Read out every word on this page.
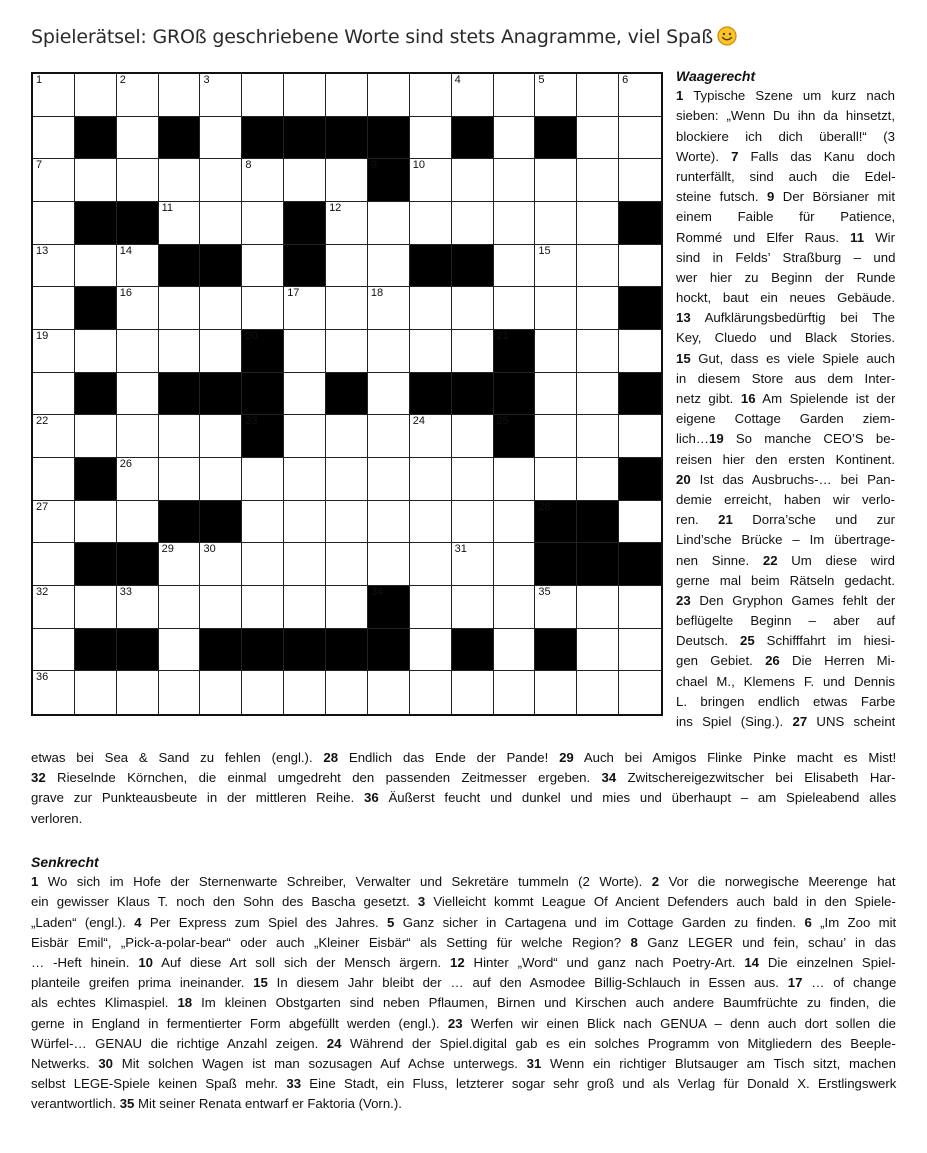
Spielerätsel: GROß geschriebene Worte sind stets Anagramme, viel Spaß
1	2	3	4	5	6
7	8	9	10
11	12
13	14	15
16	17	18
19	20	21
22	23	24	25
26
27	28
29	30	31
32	33	34	35
36
Waagerecht
1 Typische Szene um kurz nach
sieben: „Wenn Du ihn da hinsetzt,
blockiere ich dich überall!“ (3
Worte). 7 Falls das Kanu doch
runterfällt, sind auch die Edel-
steine futsch. 9 Der Börsianer mit
einem Faible für Patience,
Rommé und Elfer Raus. 11 Wir
sind in Felds’ Straßburg – und
wer hier zu Beginn der Runde
hockt, baut ein neues Gebäude.
13 Aufklärungsbedürftig bei The
Key, Cluedo und Black Stories.
15 Gut, dass es viele Spiele auch
in diesem Store aus dem Inter-
netz gibt. 16 Am Spielende ist der
eigene Cottage Garden ziem-
lich…19 So manche CEO’S be-
reisen hier den ersten Kontinent.
20 Ist das Ausbruchs-… bei Pan-
demie erreicht, haben wir verlo-
ren. 21 Dorra’sche und zur
Lind’sche Brücke – Im übertrage-
nen Sinne. 22 Um diese wird
gerne mal beim Rätseln gedacht.
23 Den Gryphon Games fehlt der
beflügelte Beginn – aber auf
Deutsch. 25 Schifffahrt im hiesi-
gen Gebiet. 26 Die Herren Mi-
chael M., Klemens F. und Dennis
L. bringen endlich etwas Farbe
ins Spiel (Sing.). 27 UNS scheint
etwas bei Sea & Sand zu fehlen (engl.). 28 Endlich das Ende der Pande! 29 Auch bei Amigos Flinke Pinke macht es Mist!
32 Rieselnde Körnchen, die einmal umgedreht den passenden Zeitmesser ergeben. 34 Zwitschereigezwitscher bei Elisabeth Har-
grave zur Punkteausbeute in der mittleren Reihe. 36 Äußerst feucht und dunkel und mies und überhaupt – am Spieleabend alles
verloren.
Senkrecht
1 Wo sich im Hofe der Sternenwarte Schreiber, Verwalter und Sekretäre tummeln (2 Worte). 2 Vor die norwegische Meerenge hat
ein gewisser Klaus T. noch den Sohn des Bascha gesetzt. 3 Vielleicht kommt League Of Ancient Defenders auch bald in den Spiele-
„Laden“ (engl.). 4 Per Express zum Spiel des Jahres. 5 Ganz sicher in Cartagena und im Cottage Garden zu finden. 6 „Im Zoo mit
Eisbär Emil“, „Pick-a-polar-bear“ oder auch „Kleiner Eisbär“ als Setting für welche Region? 8 Ganz LEGER und fein, schau’ in das
… -Heft hinein. 10 Auf diese Art soll sich der Mensch ärgern. 12 Hinter „Word“ und ganz nach Poetry-Art. 14 Die einzelnen Spiel-
planteile greifen prima ineinander. 15 In diesem Jahr bleibt der … auf den Asmodee Billig-Schlauch in Essen aus. 17 … of change
als echtes Klimaspiel. 18 Im kleinen Obstgarten sind neben Pflaumen, Birnen und Kirschen auch andere Baumfrüchte zu finden, die
gerne in England in fermentierter Form abgefüllt werden (engl.). 23 Werfen wir einen Blick nach GENUA – denn auch dort sollen die
Würfel-… GENAU die richtige Anzahl zeigen. 24 Während der Spiel.digital gab es ein solches Programm von Mitgliedern des Beeple-
Netwerks. 30 Mit solchen Wagen ist man sozusagen Auf Achse unterwegs. 31 Wenn ein richtiger Blutsauger am Tisch sitzt, machen
selbst LEGE-Spiele keinen Spaß mehr. 33 Eine Stadt, ein Fluss, letzterer sogar sehr groß und als Verlag für Donald X. Erstlingswerk
verantwortlich. 35 Mit seiner Renata entwarf er Faktoria (Vorn.).
